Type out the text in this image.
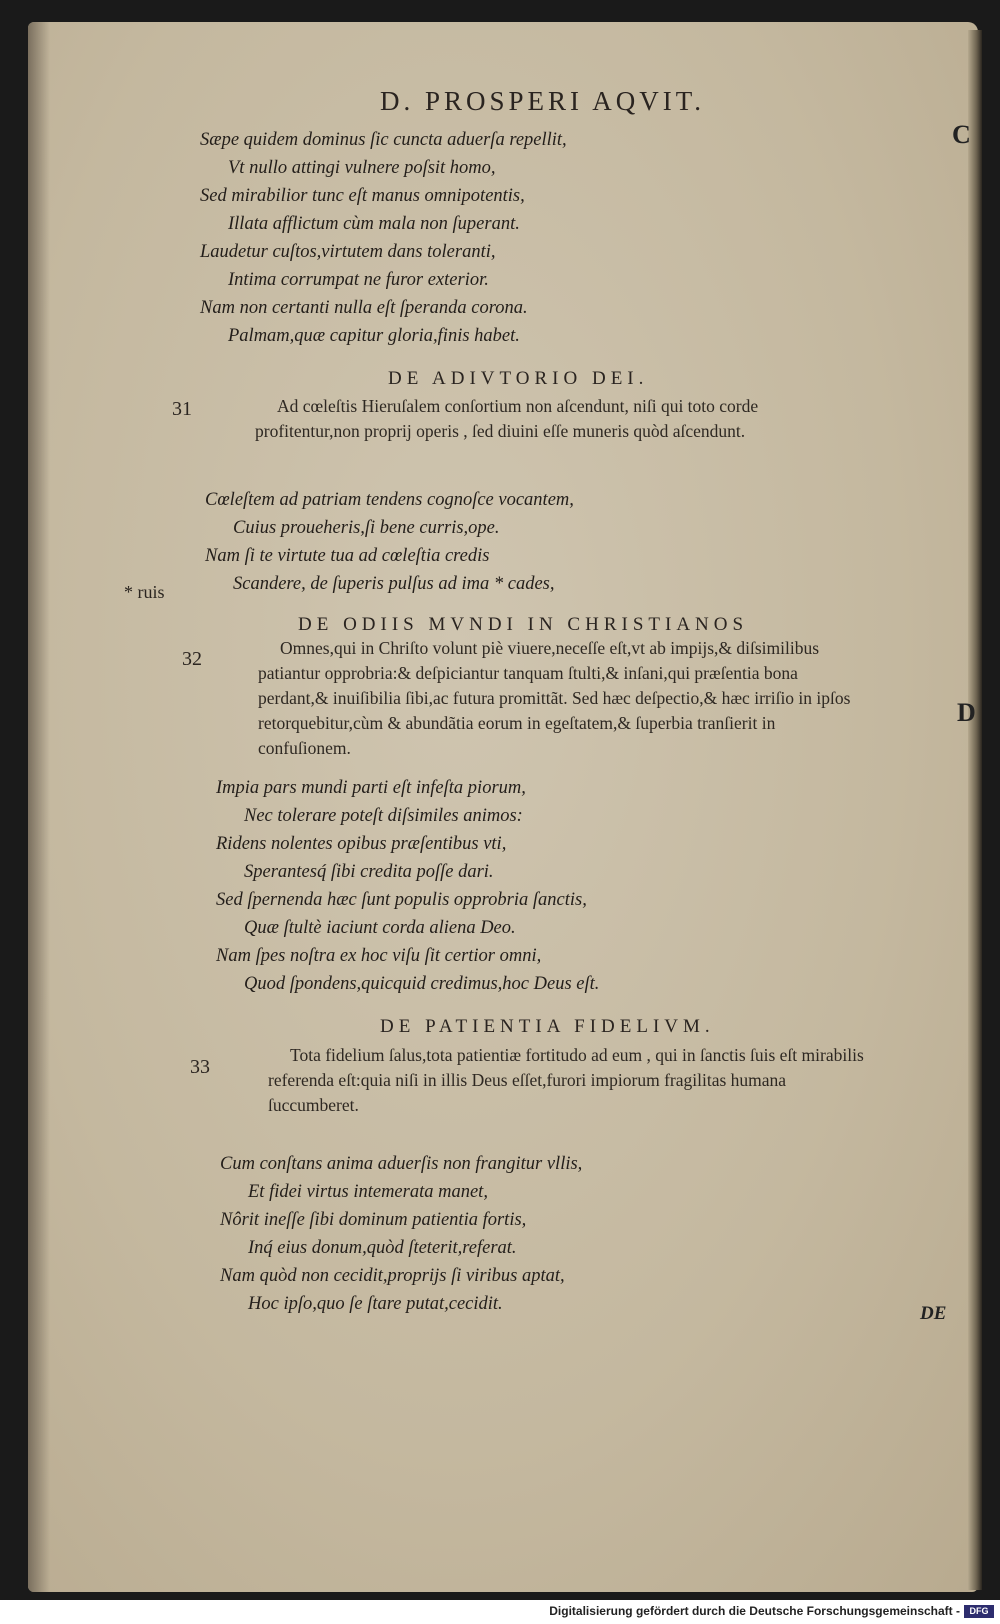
D. PROSPERI AQVIT.
C
D
DE
Sæpe quidem dominus ſic cuncta aduerſa repellit,
Vt nullo attingi vulnere poſsit homo,
Sed mirabilior tunc eſt manus omnipotentis,
Illata afflictum cùm mala non ſuperant.
Laudetur cuſtos,virtutem dans toleranti,
Intima corrumpat ne furor exterior.
Nam non certanti nulla eſt ſperanda corona.
Palmam,quæ capitur gloria,finis habet.
DE ADIVTORIO DEI.
31	Ad cœleſtis Hieruſalem conſortium non aſcendunt, niſi qui toto corde profitentur,non proprij operis , ſed diuini eſſe muneris quòd aſcendunt.
* ruis
Cœleſtem ad patriam tendens cognoſce vocantem,
Cuius proueheris,ſi bene curris,ope.
Nam ſi te virtute tua ad cœleſtia credis
Scandere, de ſuperis pulſus ad ima * cades,
DE ODIIS MVNDI IN CHRISTIANOS
32	Omnes,qui in Chriſto volunt piè viuere,neceſſe eſt,vt ab impijs,& diſsimilibus patiantur opprobria:& deſpiciantur tanquam ſtulti,& inſani,qui præſentia bona perdant,& inuiſibilia ſibi,ac futura promittãt. Sed hæc deſpectio,& hæc irriſio in ipſos retorquebitur,cùm & abundãtia eorum in egeſtatem,& ſuperbia tranſierit in confuſionem.
Impia pars mundi parti eſt infeſta piorum,
Nec tolerare poteſt diſsimiles animos:
Ridens nolentes opibus præſentibus vti,
Sperantesq́ ſibi credita poſſe dari.
Sed ſpernenda hæc ſunt populis opprobria ſanctis,
Quæ ſtultè iaciunt corda aliena Deo.
Nam ſpes noſtra ex hoc viſu ſit certior omni,
Quod ſpondens,quicquid credimus,hoc Deus eſt.
DE PATIENTIA FIDELIVM.
33
Tota fidelium ſalus,tota patientiæ fortitudo ad eum , qui in ſanctis ſuis eſt mirabilis referenda eſt:quia niſi in illis Deus eſſet,furori impiorum fragilitas humana ſuccumberet.
Cum conſtans anima aduerſis non frangitur vllis,
Et fidei virtus intemerata manet,
Nôrit ineſſe ſibi dominum patientia fortis,
Inq́ eius donum,quòd ſteterit,referat.
Nam quòd non cecidit,proprijs ſi viribus aptat,
Hoc ipſo,quo ſe ſtare putat,cecidit.
Digitalisierung gefördert durch die Deutsche Forschungsgemeinschaft -	DFG
